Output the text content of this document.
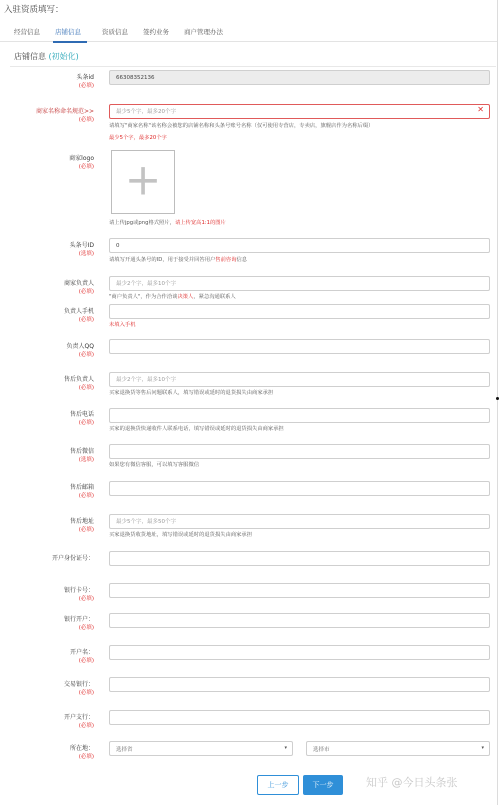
入驻资质填写：
经营信息 店铺信息	资质信息 签约业务 商户管理办法
店铺信息 (初始化)
头条id
(必填)
66308352136
商家名称命名规范>>
(必填)
最少5个字，最多20个字	✕
请填写"商家名称"该名称会被您的店铺名称和头条号账号名称（仅可使用专营店，专卖店，旗舰店作为名称后缀）
最少5个字，最多20个字
商家logo
(必填) +
请上传jpg或png格式照片，请上传宽高1:1的图片
头条号ID
(选填)
0
请填写开通头条号的ID，用于接受并回答用户售前咨询信息
商家负责人
(必填)
最少2个字，最多10个字
"商户负责人"，作为合作洽谈决策人，紧急沟通联系人
负责人手机
(必填)
未填入手机
负责人QQ
(必填)
售后负责人
(必填)
最少2个字，最多10个字
买家退换货等售后问题联系人，填写错误或延时的退货损失由商家承担
售后电话
(必填)
买家的退换货快递收件人联系电话，填写错误或延时的退货损失由商家承担
售后微信
(选填)
如果您有微信客服，可以填写客服微信
售后邮箱
(必填)
售后地址
(必填)
最少5个字，最多50个字
买家退换货收货地址，填写错误或延时的退货损失由商家承担
开户身份证号：
银行卡号：
(必填)
银行开户：
(必填)
开户名：
(必填)
交易银行：
(必填)
开户支行：
(必填)
所在地：
(必填)
选择省	▾	选择市	▾
上一步	下一步	知乎 @今日头条张
